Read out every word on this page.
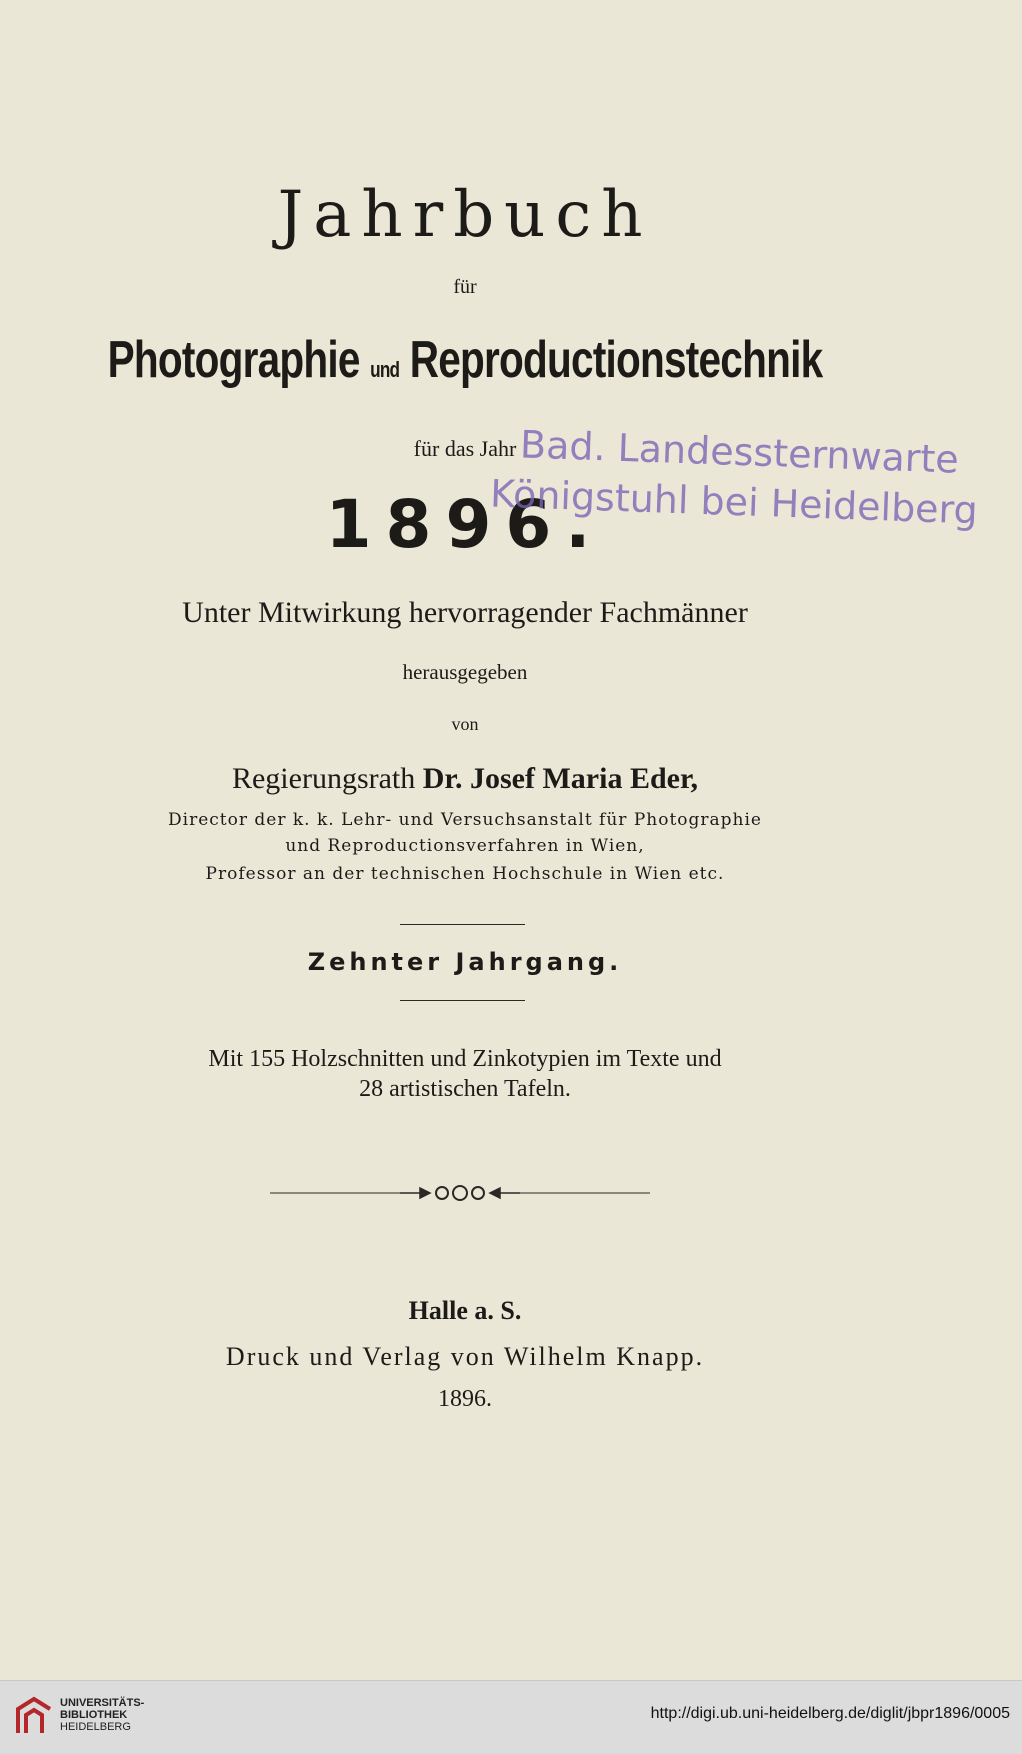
Jahrbuch
für
Photographie und Reproductionstechnik
für das Jahr
1896.
Bad. Landessternwarte
Königstuhl bei Heidelberg
Unter Mitwirkung hervorragender Fachmänner
herausgegeben
von
Regierungsrath Dr. Josef Maria Eder,
Director der k. k. Lehr- und Versuchsanstalt für Photographie
und Reproductionsverfahren in Wien,
Professor an der technischen Hochschule in Wien etc.
Zehnter Jahrgang.
Mit 155 Holzschnitten und Zinkotypien im Texte und
28 artistischen Tafeln.
Halle a. S.
Druck und Verlag von Wilhelm Knapp.
1896.
UNIVERSITÄTS-
BIBLIOTHEK
HEIDELBERG
http://digi.ub.uni-heidelberg.de/diglit/jbpr1896/0005
